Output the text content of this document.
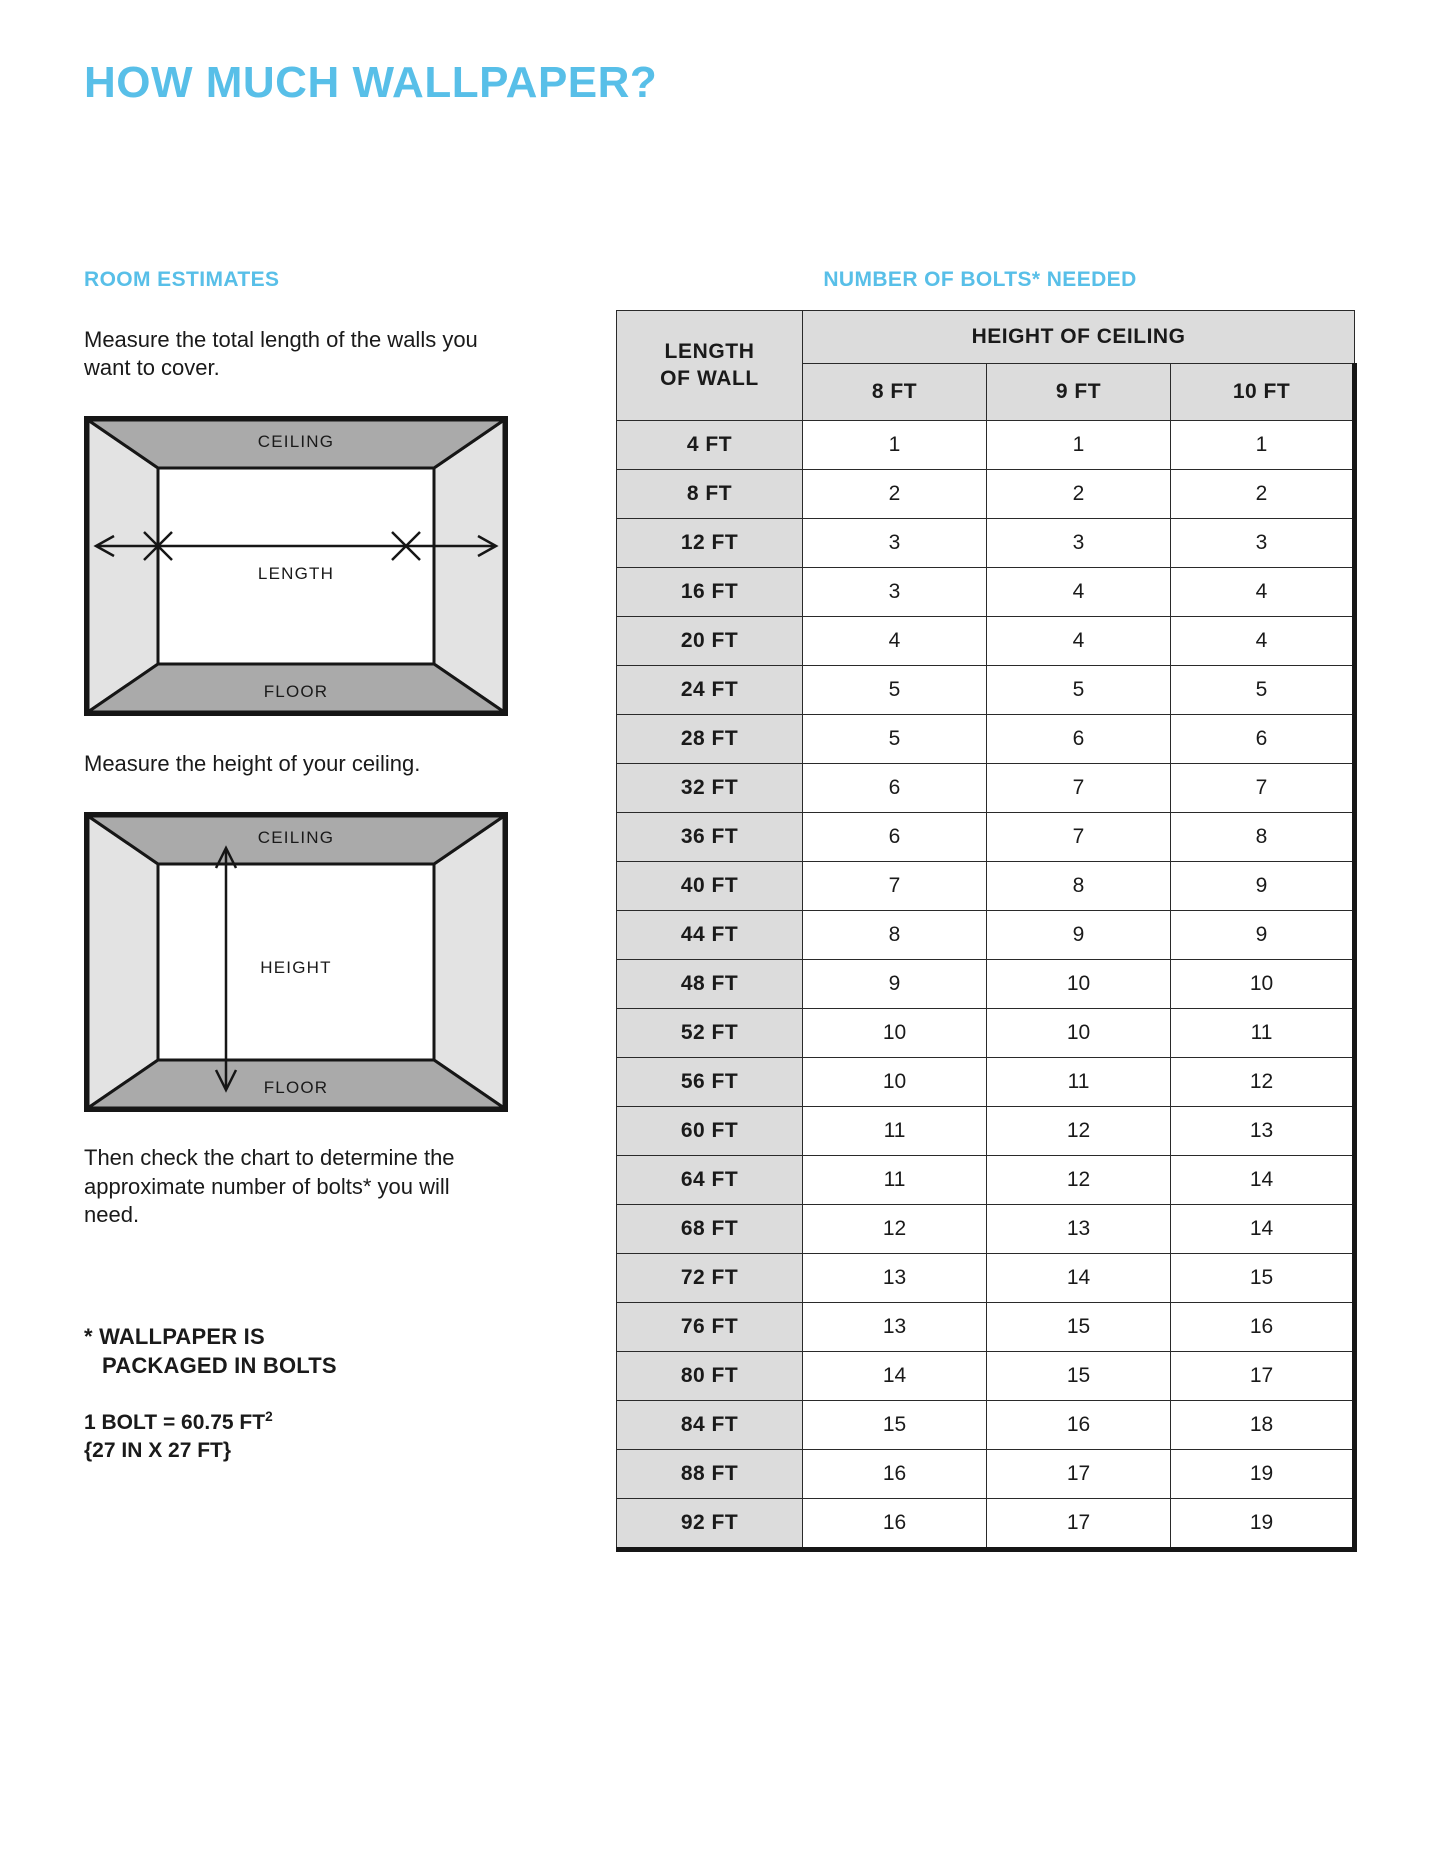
HOW MUCH WALLPAPER?
ROOM ESTIMATES
Measure the total length of the walls you want to cover.
CEILING
FLOOR
LENGTH
Measure the height of your ceiling.
CEILING
FLOOR
HEIGHT
Then check the chart to determine the approximate number of bolts* you will need.
* WALLPAPER IS
PACKAGED IN BOLTS
1 BOLT = 60.75 $FT^2$
{27 IN X 27 FT}
NUMBER OF BOLTS* NEEDED
LENGTH
OF WALL	HEIGHT OF CEILING		
	8 FT	9 FT	10 FT
4 FT	1	1	1
8 FT	2	2	2
12 FT	3	3	3
16 FT	3	4	4
20 FT	4	4	4
24 FT	5	5	5
28 FT	5	6	6
32 FT	6	7	7
36 FT	6	7	8
40 FT	7	8	9
44 FT	8	9	9
48 FT	9	10	10
52 FT	10	10	11
56 FT	10	11	12
60 FT	11	12	13
64 FT	11	12	14
68 FT	12	13	14
72 FT	13	14	15
76 FT	13	15	16
80 FT	14	15	17
84 FT	15	16	18
88 FT	16	17	19
92 FT	16	17	19
